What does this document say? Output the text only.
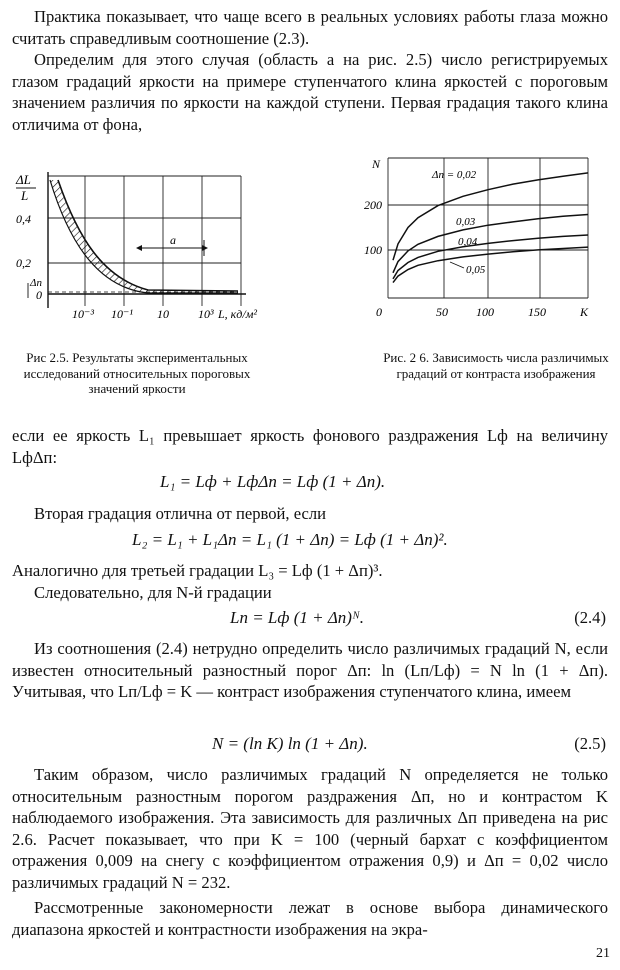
Практика показывает, что чаще всего в реальных условиях работы глаза можно считать справедливым соотношение (2.3).

Определим для этого случая (область a на рис. 2.5) число регистрируемых глазом градаций яркости на примере ступенчатого клина яркостей с пороговым значением различия по яркости на каждой ступени. Первая градация такого клина отличима от фона,

a
Δп
ΔL
L
0,4
0,2
0
10⁻³ 10⁻¹ 10 10³ L, кд/м²
N
200
100
0	50 100	150	K
Δп = 0,02
0,03
0,04
0,05
Рис 2.5. Результаты экспериментальных исследований относительных пороговых значений яркости
Рис. 2 6. Зависимость числа различимых градаций от контраста изображения

если ее яркость L₁ превышает яркость фонового раздражения Lф на величину LфΔп:

L₁ = Lф + LфΔп = Lф (1 + Δп).

Вторая градация отлична от первой, если

L₂ = L₁ + L₁Δп = L₁ (1 + Δп) = Lф (1 + Δп)².

Аналогично для третьей градации L₃ = Lф (1 + Δп)³.

Следовательно, для N-й градации

Lп = Lф (1 + Δп)ᴺ.	(2.4)

Из соотношения (2.4) нетрудно определить число различимых градаций N, если известен относительный разностный порог Δп: ln (Lп/Lф) = N ln (1 + Δп). Учитывая, что Lп/Lф = K — контраст изображения ступенчатого клина, имеем

N = (ln K) ln (1 + Δп).	(2.5)

Таким образом, число различимых градаций N определяется не только относительным разностным порогом раздражения Δп, но и контрастом K наблюдаемого изображения. Эта зависимость для различных Δп приведена на рис 2.6. Расчет показывает, что при K = 100 (черный бархат с коэффициентом отражения 0,009 на снегу с коэффициентом отражения 0,9) и Δп = 0,02 число различимых градаций N = 232.

Рассмотренные закономерности лежат в основе выбора динамического диапазона яркостей и контрастности изображения на экра-

21
